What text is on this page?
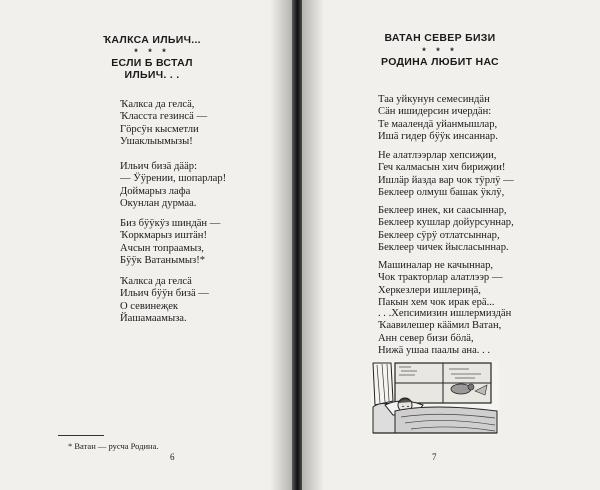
ҠАЛКСА ИЛЬИЧ...
* * *
ЕСЛИ Б ВСТАЛ
ИЛЬИЧ. . .
Ҡалкса да гелсӓ,
Ҡласста гезинсӓ —
Гӧрсӱн кысметли
Ушаклыымызы!
Ильич бизӓ дӓӓр:
— Ӱӱрении, шопарлар!
Доймарыз лафа
Окунлан дурмаа.
Биз бӱӱкӱз шиндӓн —
Ҡоркмарыз иштӓн!
Ачсын топраамыз,
Бӱӱк Ватанымыз!*
Ҡалкса да гелсӓ
Ильич бӱӱн бизӓ —
О севинеҗек
Йашамаамыза.
* Ватан — русча Родина.
6
ВАТАН СЕВЕР БИЗИ
* * *
РОДИНА ЛЮБИТ НАС
Таа уйкунун семесиндӓн
Сӓн ишидерсин ичердӓн:
Те маалендӓ уйанмышлар,
Ишӓ гидер бӱӱк инсаннар.
Не алатлээрлар хепсиҗии,
Геч калмасын хич бириҗии!
Ишлӓр йазда вар чок тӱрлӱ —
Беклеер олмуш башак ӱклӱ,
Беклеер инек, ки саасыннар,
Беклеер кушлар дойурсуннар,
Беклеер сӱрӱ отлатсыннар,
Беклеер чичек йысласыннар.
Машиналар не качыннар,
Чок тракторлар алатлээр —
Херкезлери ишлериӊӓ,
Пакын хем чок ирак ерӓ...
. . .Хепсимизин ишлермиздӓн
Ҡаавилешер кӓӓмил Ватан,
Анн север бизи бӧлӓ,
Нижӓ ушаа паалы ана. . .
7
